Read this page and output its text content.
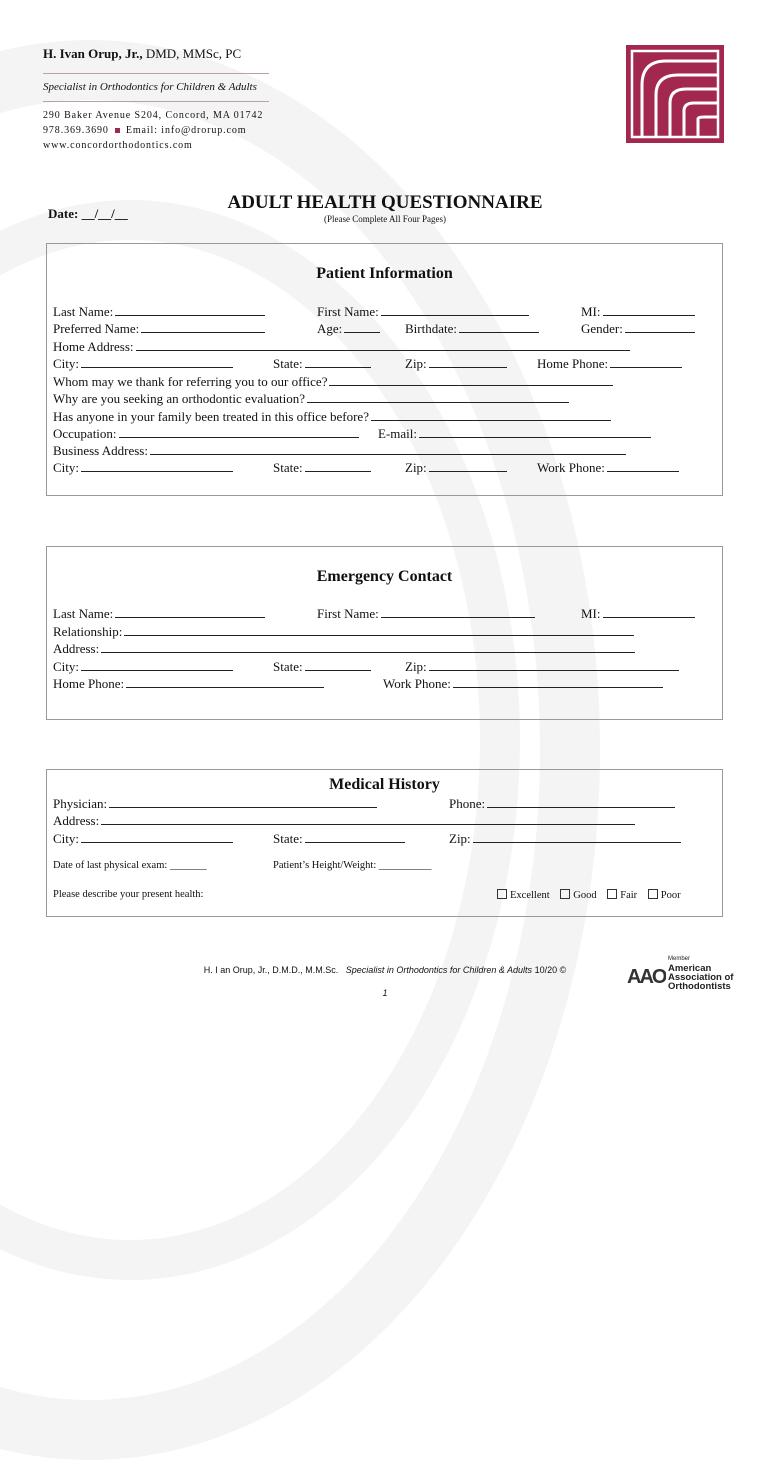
H. Ivan Orup, Jr., DMD, MMSc, PC
Specialist in Orthodontics for Children & Adults
290 Baker Avenue S204, Concord, MA 01742
978.369.3690 Email: info@drorup.com
www.concordorthodontics.com
Date: __/__/__
ADULT HEALTH QUESTIONNAIRE
(Please Complete All Four Pages)
Patient Information
Last Name:	First Name:	MI:
Preferred Name:	Age:	Birthdate:	Gender:
Home Address:
City:	State:	Zip:	Home Phone:
Whom may we thank for referring you to our office?
Why are you seeking an orthodontic evaluation?
Has anyone in your family been treated in this office before?
Occupation:	E-mail:
Business Address:
City:	State:	Zip:	Work Phone:
Emergency Contact
Last Name:	First Name:	MI:
Relationship:
Address:
City:	State:	Zip:
Home Phone:	Work Phone:
Medical History
Physician:	Phone:
Address:
City:	State:	Zip:
Date of last physical exam: _______	Patient’s Height/Weight: __________
Please describe your present health:	Excellent Good Fair Poor
H. I an Orup, Jr., D.M.D., M.M.Sc. Specialist in Orthodontics for Children & Adults 10/20 ©
1
AAO
Member
American
Association of
Orthodontists
